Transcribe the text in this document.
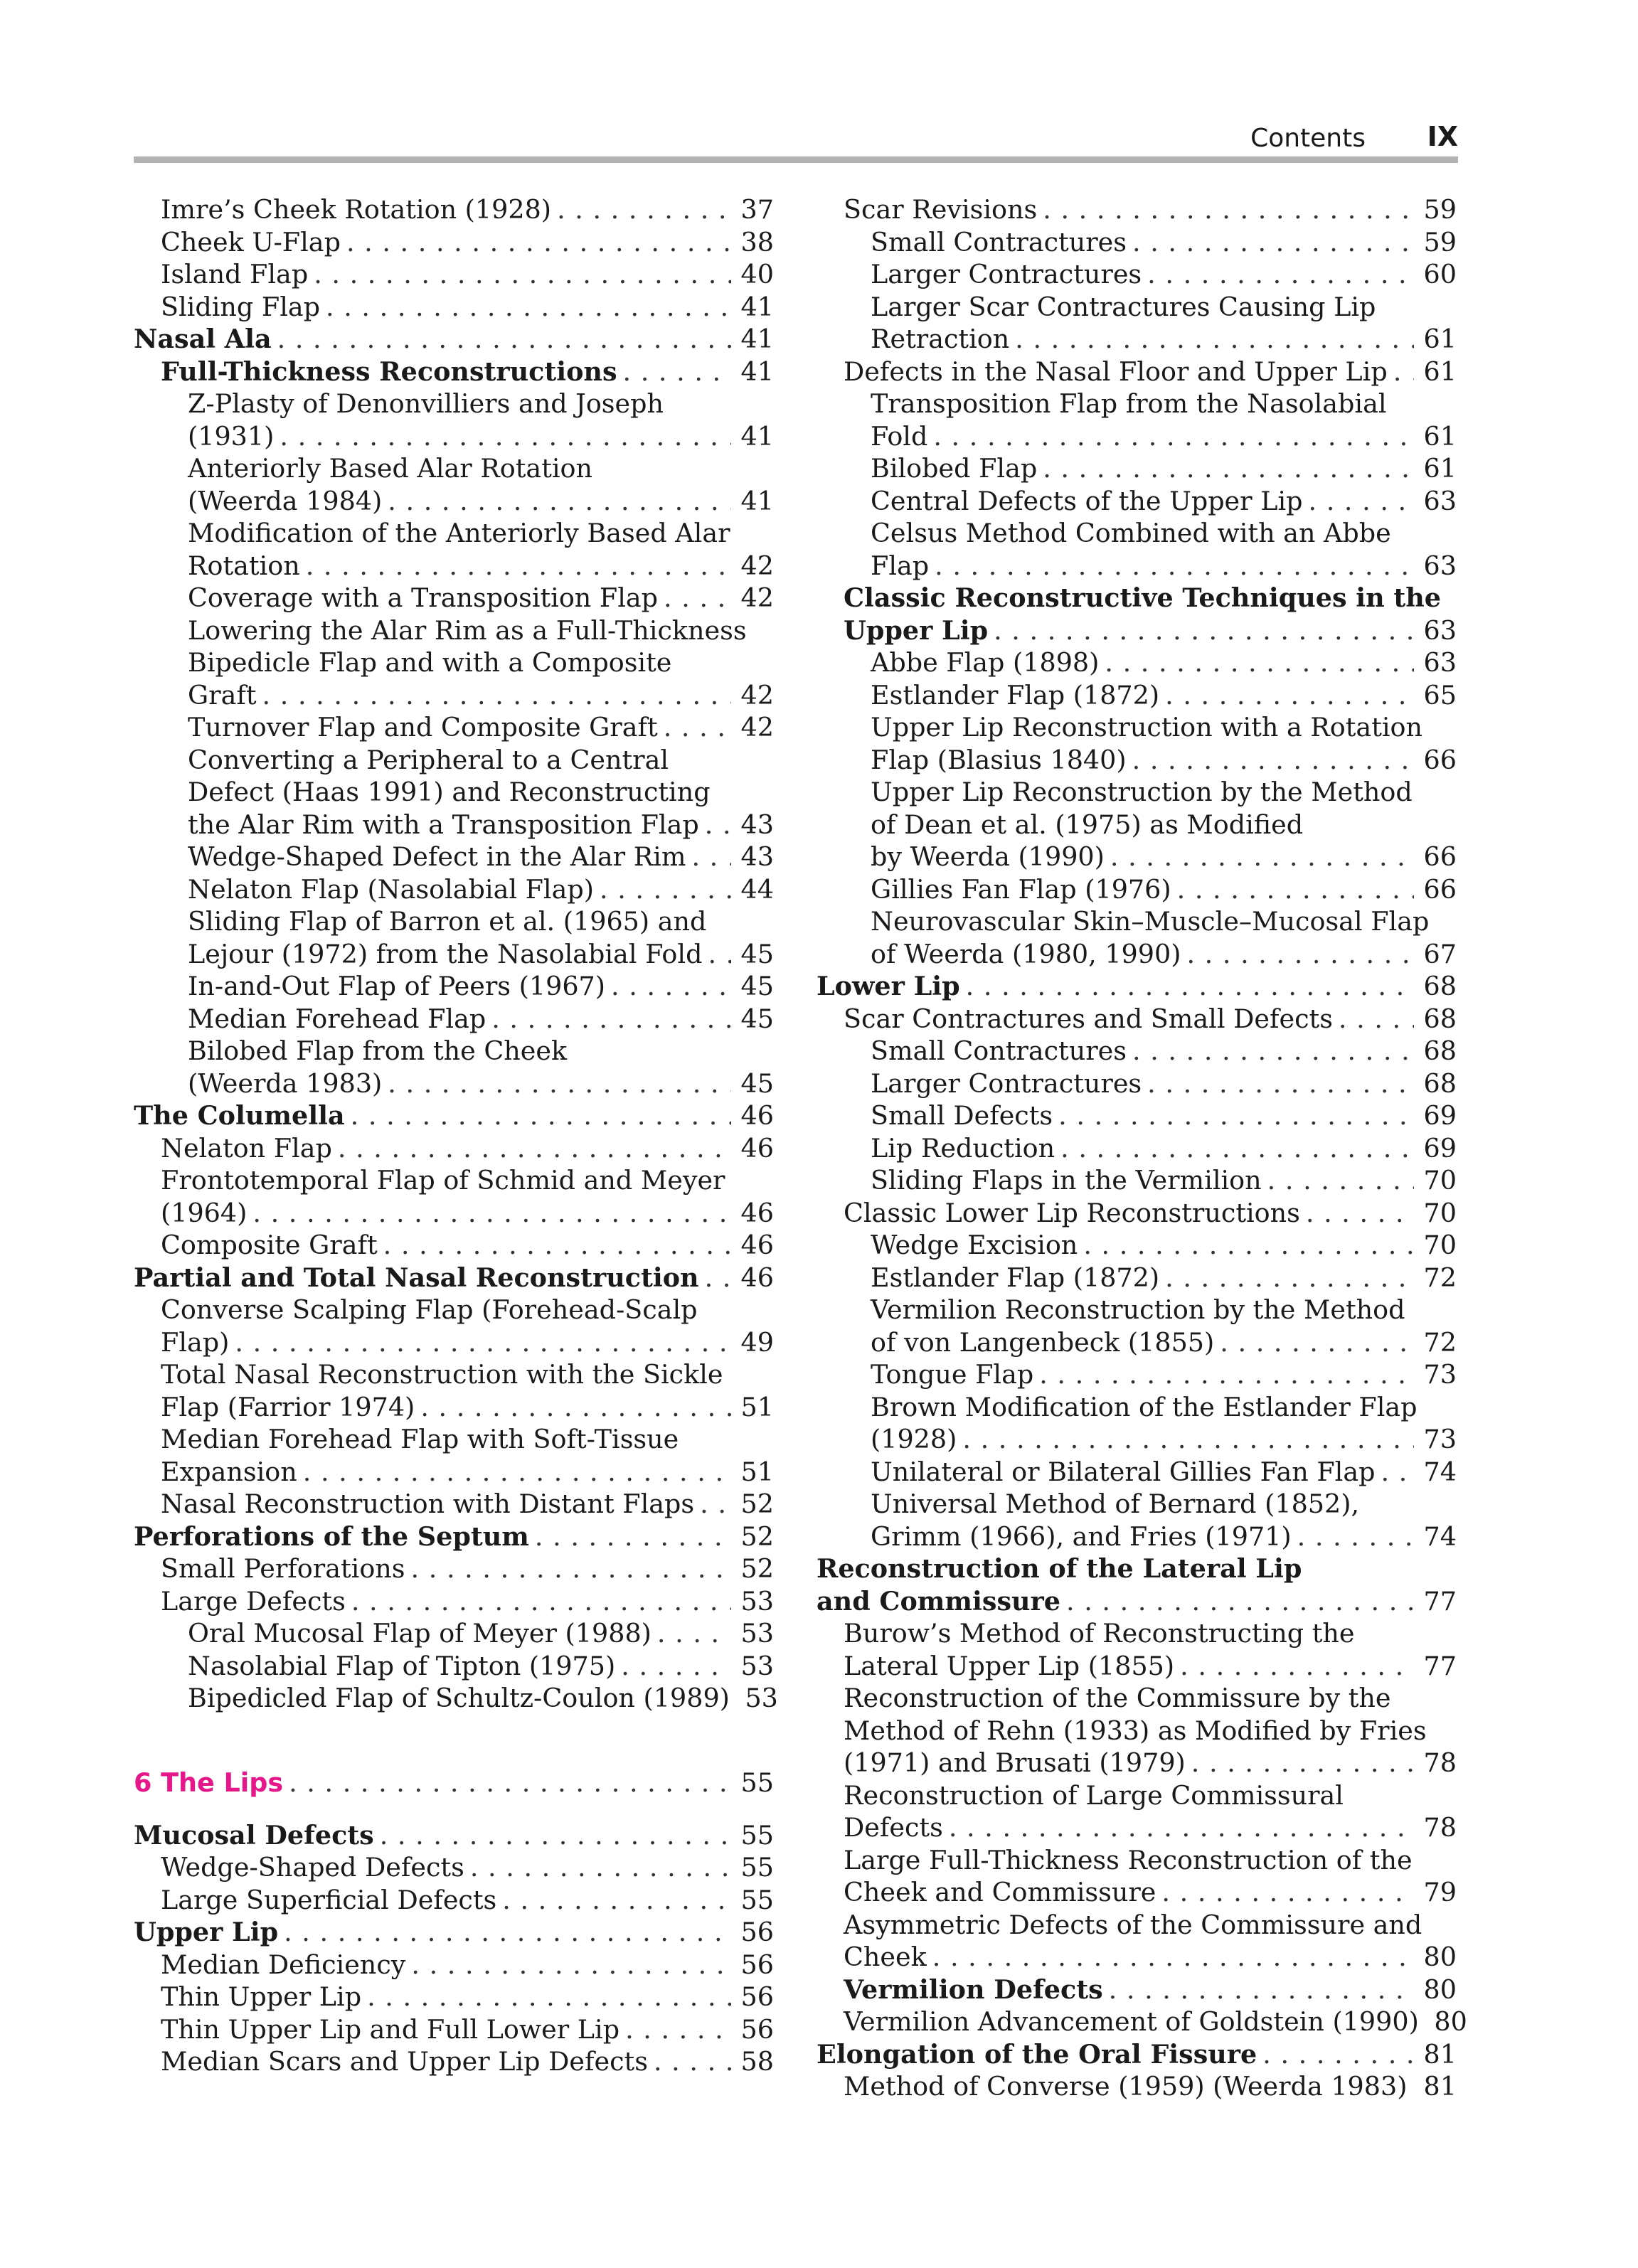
Contents IX
Imre’s Cheek Rotation (1928) . . .	37
Cheek U-Flap . . .	38
Island Flap . . .	40
Sliding Flap . . .	41
Nasal Ala . . .	41
Full-Thickness Reconstructions . . .	41
Z-Plasty of Denonvilliers and Joseph
(1931) . . .	41
Anteriorly Based Alar Rotation
(Weerda 1984) . . .	41
Modification of the Anteriorly Based Alar
Rotation . . .	42
Coverage with a Transposition Flap . . .	42
Lowering the Alar Rim as a Full-Thickness
Bipedicle Flap and with a Composite
Graft . . .	42
Turnover Flap and Composite Graft . . .	42
Converting a Peripheral to a Central
Defect (Haas 1991) and Reconstructing
the Alar Rim with a Transposition Flap . . . 43
Wedge-Shaped Defect in the Alar Rim . . . 43
Nelaton Flap (Nasolabial Flap) . . .	44
Sliding Flap of Barron et al. (1965) and
Lejour (1972) from the Nasolabial Fold . . . 45
In-and-Out Flap of Peers (1967) . . .	45
Median Forehead Flap . . .	45
Bilobed Flap from the Cheek
(Weerda 1983) . . .	45
The Columella . . .	46
Nelaton Flap . . .	46
Frontotemporal Flap of Schmid and Meyer
(1964) . . .	46
Composite Graft . . .	46
Partial and Total Nasal Reconstruction . . . 46
Converse Scalping Flap (Forehead-Scalp
Flap) . . .	49
Total Nasal Reconstruction with the Sickle
Flap (Farrior 1974) . . .	51
Median Forehead Flap with Soft-Tissue
Expansion . . .	51
Nasal Reconstruction with Distant Flaps . . . 52
Perforations of the Septum . . .	52
Small Perforations . . .	52
Large Defects . . .	53
Oral Mucosal Flap of Meyer (1988) . . .	53
Nasolabial Flap of Tipton (1975) . . .	53
Bipedicled Flap of Schultz-Coulon (1989) 53
6 The Lips . . .	55
Mucosal Defects . . .	55
Wedge-Shaped Defects . . .	55
Large Superficial Defects . . .	55
Upper Lip . . .	56
Median Deficiency . . .	56
Thin Upper Lip . . .	56
Thin Upper Lip and Full Lower Lip . . .	56
Median Scars and Upper Lip Defects . . .	58
Scar Revisions . . .	59
Small Contractures . . .	59
Larger Contractures . . .	60
Larger Scar Contractures Causing Lip
Retraction . . .	61
Defects in the Nasal Floor and Upper Lip . . . 61
Transposition Flap from the Nasolabial
Fold . . .	61
Bilobed Flap . . .	61
Central Defects of the Upper Lip . . .	63
Celsus Method Combined with an Abbe
Flap . . .	63
Classic Reconstructive Techniques in the
Upper Lip . . .	63
Abbe Flap (1898) . . .	63
Estlander Flap (1872) . . .	65
Upper Lip Reconstruction with a Rotation
Flap (Blasius 1840) . . .	66
Upper Lip Reconstruction by the Method
of Dean et al. (1975) as Modified
by Weerda (1990) . . .	66
Gillies Fan Flap (1976) . . .	66
Neurovascular Skin–Muscle–Mucosal Flap
of Weerda (1980, 1990) . . .	67
Lower Lip . . .	68
Scar Contractures and Small Defects . . .	68
Small Contractures . . .	68
Larger Contractures . . .	68
Small Defects . . .	69
Lip Reduction . . .	69
Sliding Flaps in the Vermilion . . .	70
Classic Lower Lip Reconstructions . . .	70
Wedge Excision . . .	70
Estlander Flap (1872) . . .	72
Vermilion Reconstruction by the Method
of von Langenbeck (1855) . . .	72
Tongue Flap . . .	73
Brown Modification of the Estlander Flap
(1928) . . .	73
Unilateral or Bilateral Gillies Fan Flap . . . 74
Universal Method of Bernard (1852),
Grimm (1966), and Fries (1971) . . .	74
Reconstruction of the Lateral Lip
and Commissure . . .	77
Burow’s Method of Reconstructing the
Lateral Upper Lip (1855) . . .	77
Reconstruction of the Commissure by the
Method of Rehn (1933) as Modified by Fries
(1971) and Brusati (1979) . . .	78
Reconstruction of Large Commissural
Defects . . .	78
Large Full-Thickness Reconstruction of the
Cheek and Commissure . . .	79
Asymmetric Defects of the Commissure and
Cheek . . .	80
Vermilion Defects . . .	80
Vermilion Advancement of Goldstein (1990) 80
Elongation of the Oral Fissure . . .	81
Method of Converse (1959) (Weerda 1983) . . . 81
